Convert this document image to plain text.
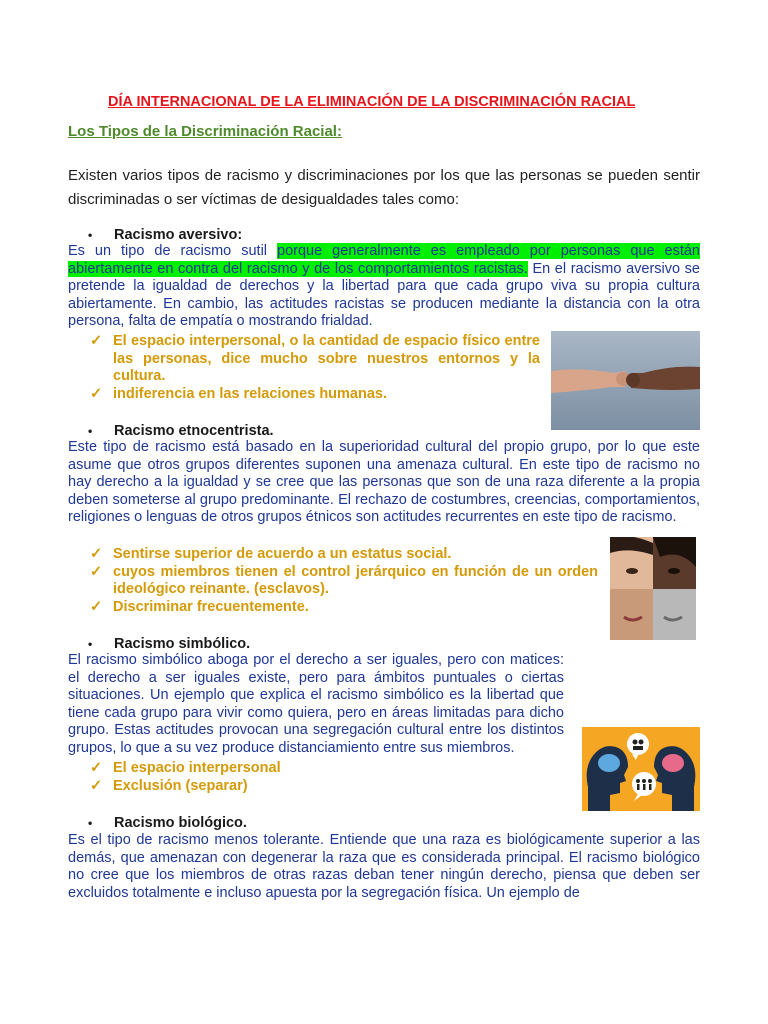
DÍA INTERNACIONAL DE LA ELIMINACIÓN DE LA DISCRIMINACIÓN RACIAL
Los Tipos de la Discriminación Racial:
Existen varios tipos de racismo y discriminaciones por los que las personas se pueden sentir discriminadas o ser víctimas de desigualdades tales como:
• Racismo aversivo:
Es un tipo de racismo sutil porque generalmente es empleado por personas que están abiertamente en contra del racismo y de los comportamientos racistas. En el racismo aversivo se pretende la igualdad de derechos y la libertad para que cada grupo viva su propia cultura abiertamente. En cambio, las actitudes racistas se producen mediante la distancia con la otra persona, falta de empatía o mostrando frialdad.
✓ El espacio interpersonal, o la cantidad de espacio físico entre las personas, dice mucho sobre nuestros entornos y la cultura.
✓ indiferencia en las relaciones humanas.
• Racismo etnocentrista.
Este tipo de racismo está basado en la superioridad cultural del propio grupo, por lo que este asume que otros grupos diferentes suponen una amenaza cultural. En este tipo de racismo no hay derecho a la igualdad y se cree que las personas que son de una raza diferente a la propia deben someterse al grupo predominante. El rechazo de costumbres, creencias, comportamientos, religiones o lenguas de otros grupos étnicos son actitudes recurrentes en este tipo de racismo.
✓ Sentirse superior de acuerdo a un estatus social.
✓ cuyos miembros tienen el control jerárquico en función de un orden ideológico reinante. (esclavos).
✓ Discriminar frecuentemente.
• Racismo simbólico.
El racismo simbólico aboga por el derecho a ser iguales, pero con matices: el derecho a ser iguales existe, pero para ámbitos puntuales o ciertas situaciones. Un ejemplo que explica el racismo simbólico es la libertad que tiene cada grupo para vivir como quiera, pero en áreas limitadas para dicho grupo. Estas actitudes provocan una segregación cultural entre los distintos grupos, lo que a su vez produce distanciamiento entre sus miembros.
✓ El espacio interpersonal
✓ Exclusión (separar)
• Racismo biológico.
Es el tipo de racismo menos tolerante. Entiende que una raza es biológicamente superior a las demás, que amenazan con degenerar la raza que es considerada principal. El racismo biológico no cree que los miembros de otras razas deban tener ningún derecho, piensa que deben ser excluidos totalmente e incluso apuesta por la segregación física. Un ejemplo de
